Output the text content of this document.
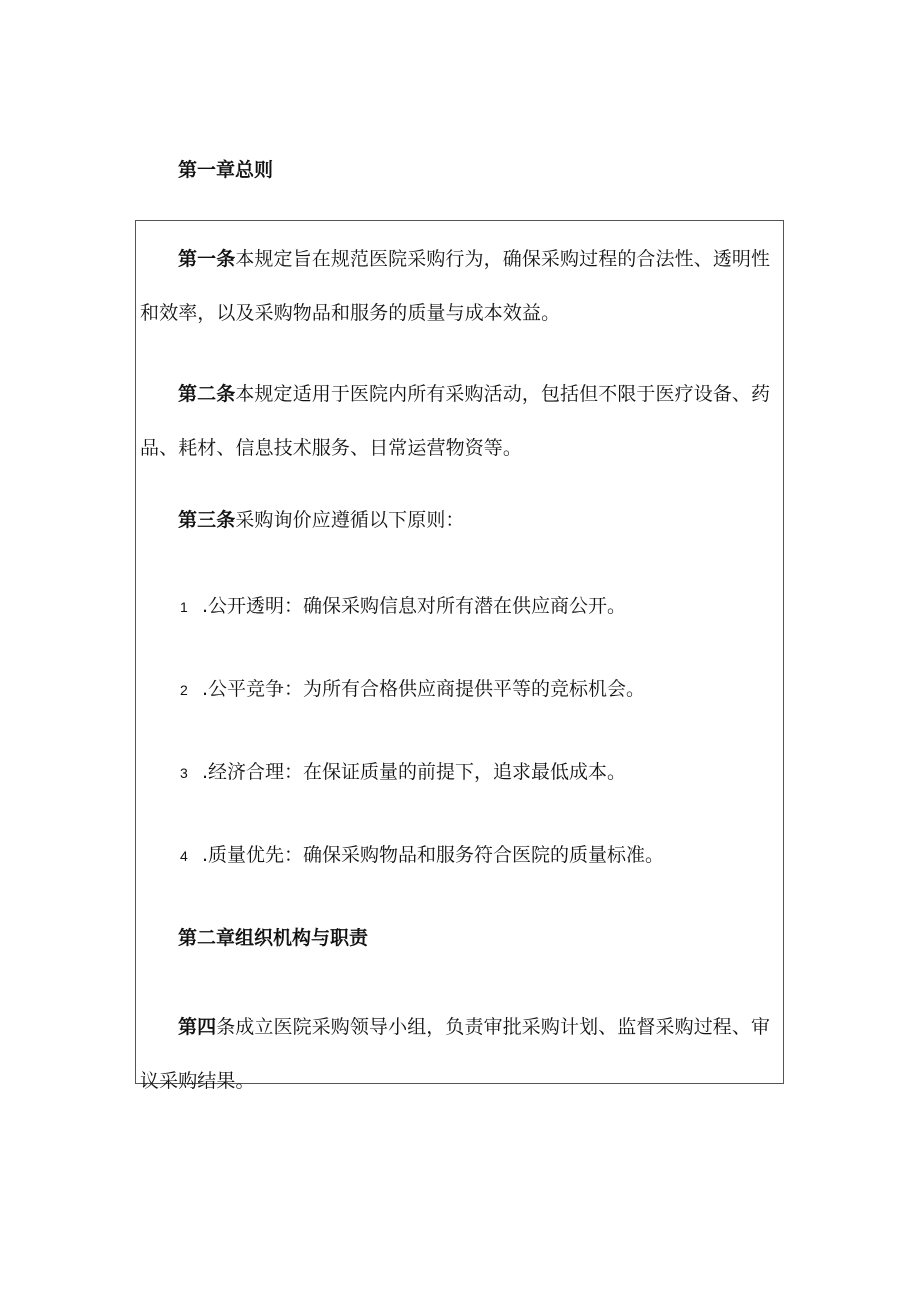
第一章总则

第一条本规定旨在规范医院采购行为，确保采购过程的合法性、透明性和效率，以及采购物品和服务的质量与成本效益。

第二条本规定适用于医院内所有采购活动，包括但不限于医疗设备、药品、耗材、信息技术服务、日常运营物资等。

第三条采购询价应遵循以下原则：

1 .公开透明：确保采购信息对所有潜在供应商公开。

2 .公平竞争：为所有合格供应商提供平等的竞标机会。

3 .经济合理：在保证质量的前提下，追求最低成本。

4 .质量优先：确保采购物品和服务符合医院的质量标准。

第四条成立医院采购领导小组，负责审批采购计划、监督采购过程、审议采购结果。

第二章组织机构与职责
